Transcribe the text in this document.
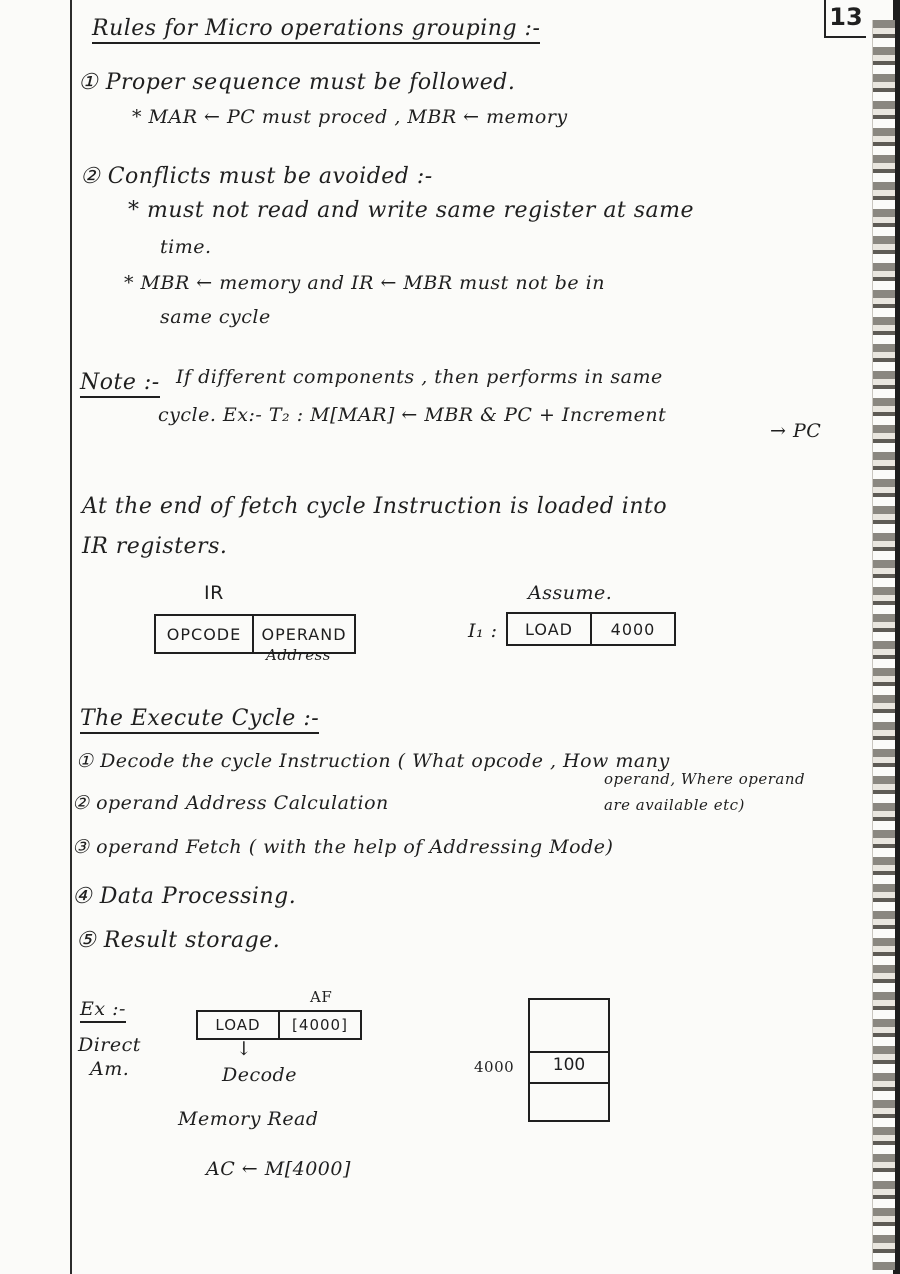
13
Rules for Micro operations grouping :-
① Proper sequence must be followed.
* MAR ← PC must proced , MBR ← memory
② Conflicts must be avoided :-
* must not read and write same register at same
time.
* MBR ← memory and IR ← MBR must not be in
same cycle
Note :- If different components , then performs in same
cycle. Ex:- T₂ : M[MAR] ← MBR & PC + Increment
→ PC
At the end of fetch cycle Instruction is loaded into
IR registers.
IR
OPCODE	OPERAND
Address
Assume.
I₁ :	LOAD	4000
The Execute Cycle :-
① Decode the cycle Instruction ( What opcode , How many
operand, Where operand
are available etc)
② operand Address Calculation
③ operand Fetch ( with the help of Addressing Mode)
④ Data Processing.
⑤ Result storage.
Ex :-
Direct
Am.
AF
LOAD	[4000]
↓
Decode
Memory Read
AC ← M[4000]
4000	100
